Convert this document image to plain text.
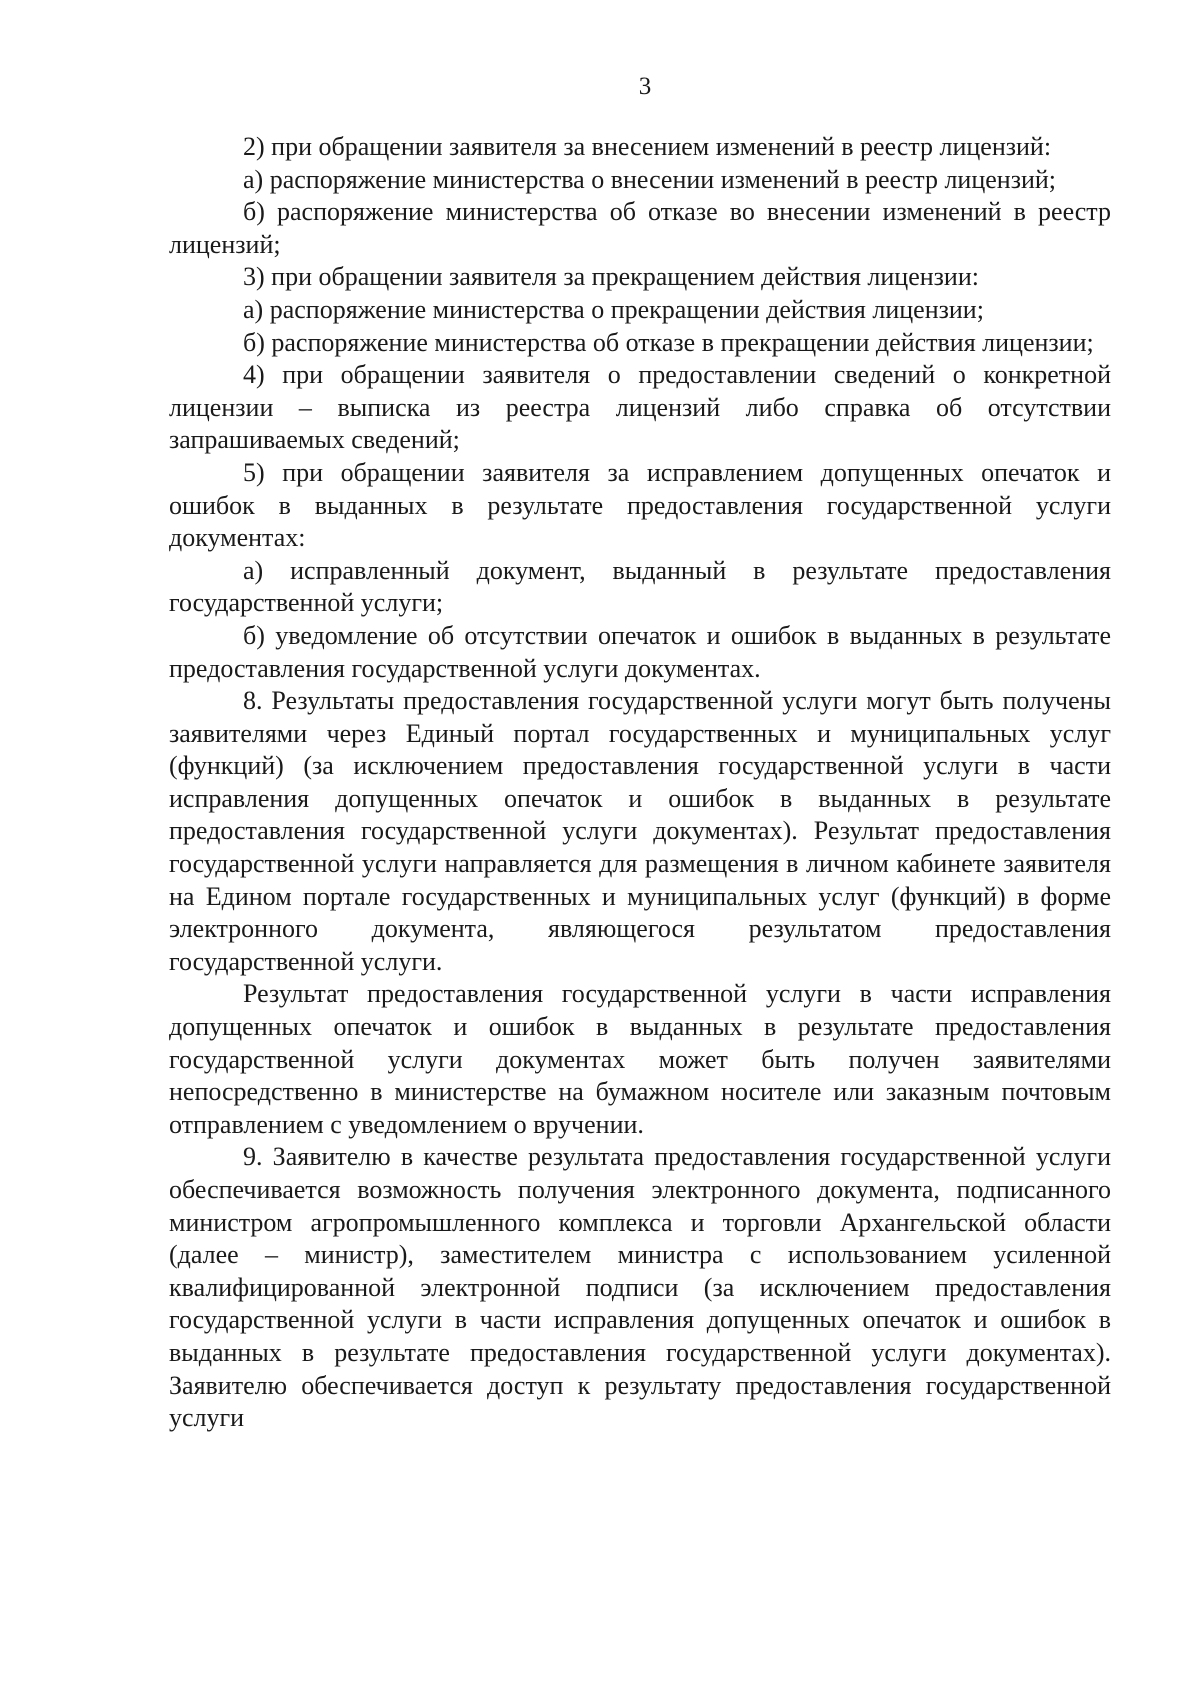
3

2) при обращении заявителя за внесением изменений в реестр лицензий:

а) распоряжение министерства о внесении изменений в реестр лицензий;

б) распоряжение министерства об отказе во внесении изменений в реестр лицензий;

3) при обращении заявителя за прекращением действия лицензии:

а) распоряжение министерства о прекращении действия лицензии;

б) распоряжение министерства об отказе в прекращении действия лицензии;

4) при обращении заявителя о предоставлении сведений о конкретной лицензии – выписка из реестра лицензий либо справка об отсутствии запрашиваемых сведений;

5) при обращении заявителя за исправлением допущенных опечаток и ошибок в выданных в результате предоставления государственной услуги документах:

а) исправленный документ, выданный в результате предоставления государственной услуги;

б) уведомление об отсутствии опечаток и ошибок в выданных в результате предоставления государственной услуги документах.

8. Результаты предоставления государственной услуги могут быть получены заявителями через Единый портал государственных и муниципальных услуг (функций) (за исключением предоставления государственной услуги в части исправления допущенных опечаток и ошибок в выданных в результате предоставления государственной услуги документах). Результат предоставления государственной услуги направляется для размещения в личном кабинете заявителя на Едином портале государственных и муниципальных услуг (функций) в форме электронного документа, являющегося результатом предоставления государственной услуги.

Результат предоставления государственной услуги в части исправления допущенных опечаток и ошибок в выданных в результате предоставления государственной услуги документах может быть получен заявителями непосредственно в министерстве на бумажном носителе или заказным почтовым отправлением с уведомлением о вручении.

9. Заявителю в качестве результата предоставления государственной услуги обеспечивается возможность получения электронного документа, подписанного министром агропромышленного комплекса и торговли Архангельской области (далее – министр), заместителем министра с использованием усиленной квалифицированной электронной подписи (за исключением предоставления государственной услуги в части исправления допущенных опечаток и ошибок в выданных в результате предоставления государственной услуги документах). Заявителю обеспечивается доступ к результату предоставления государственной услуги
